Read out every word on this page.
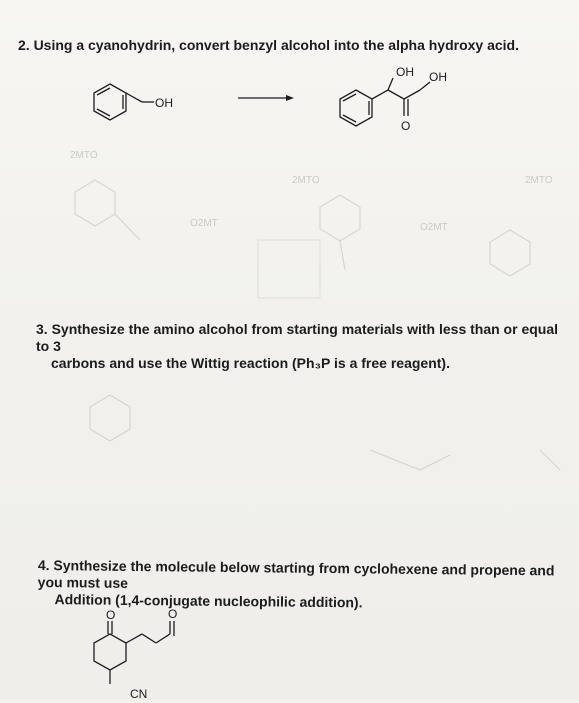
2MTO
O2MT
2MTO
O2MT
2MTO
2. Using a cyanohydrin, convert benzyl alcohol into the alpha hydroxy acid.
OH
OH
O
OH
3. Synthesize the amino alcohol from starting materials with less than or equal to 3
carbons and use the Wittig reaction (Ph₃P is a free reagent).
4. Synthesize the molecule below starting from cyclohexene and propene and you must use
Addition (1,4-conjugate nucleophilic addition).
O	O
CN
